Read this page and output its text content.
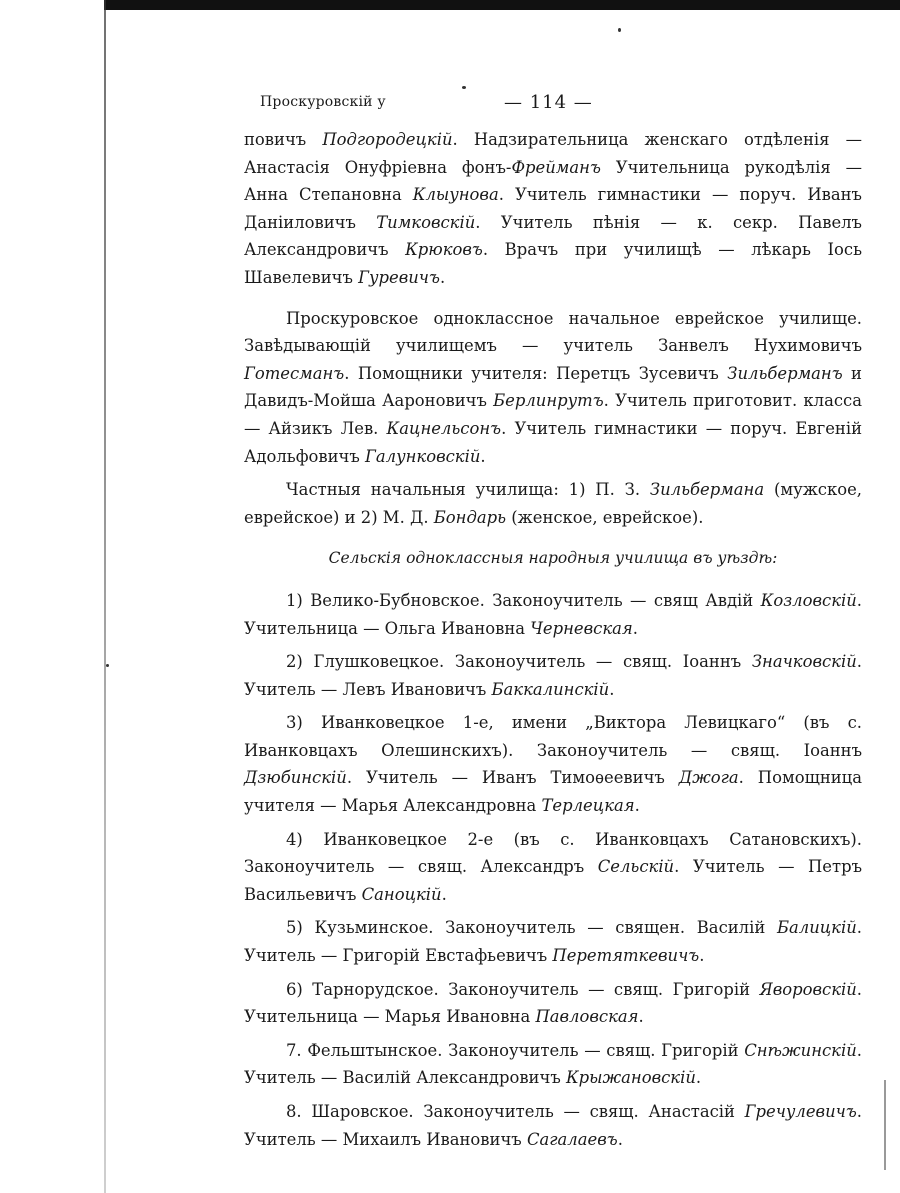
Проскуровскій у	— 114 —

повичъ Подгородецкій. Надзирательница женскаго отдѣленія — Анастасія Онуфріевна фонъ-Фрейманъ Учительница рукодѣлія — Анна Степановна Клыунова. Учитель гимнастики — поруч. Иванъ Даніиловичъ Тимковскій. Учитель пѣнія — к. секр. Павелъ Александровичъ Крюковъ. Врачъ при училищѣ — лѣкарь Іось Шавелевичъ Гуревичъ.

Проскуровское одноклассное начальное еврейское училище. Завѣдывающій училищемъ — учитель Занвелъ Нухимовичъ Готесманъ. Помощники учителя: Перетцъ Зусевичъ Зильберманъ и Давидъ-Мойша Аароновичъ Берлинрутъ. Учитель приготовит. класса — Айзикъ Лев. Кацнельсонъ. Учитель гимнастики — поруч. Евгеній Адольфовичъ Галунковскій.

Частныя начальныя училища: 1) П. З. Зильбермана (мужское, еврейское) и 2) М. Д. Бондарь (женское, еврейское).

Сельскія одноклассныя народныя училища въ уѣздѣ:

1) Велико-Бубновское. Законоучитель — свящ Авдій Козловскій. Учительница — Ольга Ивановна Черневская.

2) Глушковецкое. Законоучитель — свящ. Іоаннъ Значковскій. Учитель — Левъ Ивановичъ Баккалинскій.

3) Иванковецкое 1-е, имени „Виктора Левицкаго“ (въ с. Иванковцахъ Олешинскихъ). Законоучитель — свящ. Іоаннъ Дзюбинскій. Учитель — Иванъ Тимоѳеевичъ Джога. Помощница учителя — Марья Александровна Терлецкая.

4) Иванковецкое 2-е (въ с. Иванковцахъ Сатановскихъ). Законоучитель — свящ. Александръ Сельскій. Учитель — Петръ Васильевичъ Саноцкій.

5) Кузьминское. Законоучитель — священ. Василій Балицкій. Учитель — Григорій Евстафьевичъ Перетяткевичъ.

6) Тарнорудское. Законоучитель — свящ. Григорій Яворовскій. Учительница — Марья Ивановна Павловская.

7. Фельштынское. Законоучитель — свящ. Григорій Снѣжинскій. Учитель — Василій Александровичъ Крыжановскій.

8. Шаровское. Законоучитель — свящ. Анастасій Гречулевичъ. Учитель — Михаилъ Ивановичъ Сагалаевъ.
